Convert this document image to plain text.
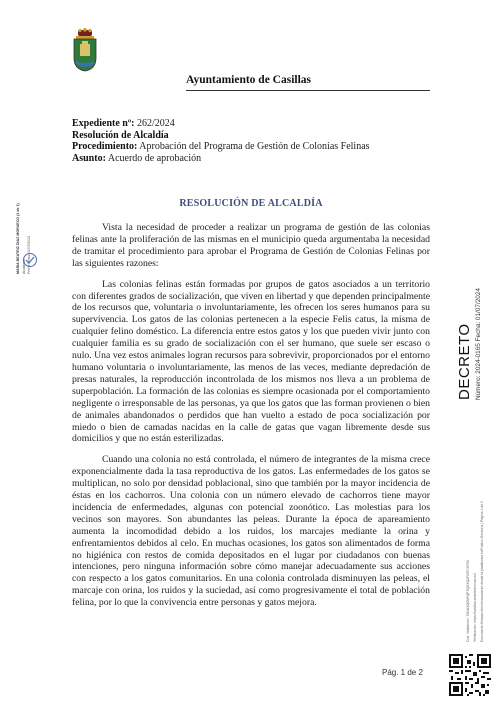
Ayuntamiento de Casillas
MARIA BEATRIZ DIAZ MORUECO (1 de 1) Alcaldesa Fecha Firma: 01/07/2024
Expediente nº: 262/2024
Resolución de Alcaldía
Procedimiento: Aprobación del Programa de Gestión de Colonias Felinas
Asunto: Acuerdo de aprobación
RESOLUCIÓN DE ALCALDÍA

Vista la necesidad de proceder a realizar un programa de gestión de las colonias felinas ante la proliferación de las mismas en el municipio queda argumentaba la necesidad de tramitar el procedimiento para aprobar el Programa de Gestión de Colonias Felinas por las siguientes razones:

Las colonias felinas están formadas por grupos de gatos asociados a un territorio con diferentes grados de socialización, que viven en libertad y que dependen principalmente de los recursos que, voluntaria o involuntariamente, les ofrecen los seres humanos para su supervivencia. Los gatos de las colonias pertenecen a la especie Felis catus, la misma de cualquier felino doméstico. La diferencia entre estos gatos y los que pueden vivir junto con cualquier familia es su grado de socialización con el ser humano, que suele ser escaso o nulo. Una vez estos animales logran recursos para sobrevivir, proporcionados por el entorno humano voluntaria o involuntariamente, las menos de las veces, mediante depredación de presas naturales, la reproducción incontrolada de los mismos nos lleva a un problema de superpoblación. La formación de las colonias es siempre ocasionada por el comportamiento negligente o irresponsable de las personas, ya que los gatos que las forman provienen o bien de animales abandonados o perdidos que han vuelto a estado de poca socialización por miedo o bien de camadas nacidas en la calle de gatas que vagan libremente desde sus domicilios y que no están esterilizadas.

Cuando una colonia no está controlada, el número de integrantes de la misma crece exponencialmente dada la tasa reproductiva de los gatos. Las enfermedades de los gatos se multiplican, no solo por densidad poblacional, sino que también por la mayor incidencia de éstas en los cachorros. Una colonia con un número elevado de cachorros tiene mayor incidencia de enfermedades, algunas con potencial zoonótico. Las molestias para los vecinos son mayores. Son abundantes las peleas. Durante la época de apareamiento aumenta la incomodidad debido a los ruidos, los marcajes mediante la orina y enfrentamientos debidos al celo. En muchas ocasiones, los gatos son alimentados de forma no higiénica con restos de comida depositados en el lugar por ciudadanos con buenas intenciones, pero ninguna información sobre cómo manejar adecuadamente sus acciones con respecto a los gatos comunitarios. En una colonia controlada disminuyen las peleas, el marcaje con orina, los ruidos y la suciedad, así como progresivamente el total de población felina, por lo que la convivencia entre personas y gatos mejora.

Pág. 1 de 2
DECRETO Número: 2024-0165 Fecha: 01/07/2024
Cód. Validación: 7SHAXQ5NFQP7QSXQ2FCRYXP3S Verificación: https://casillas.sedelectronica.es/ Documento firmado electrónicamente desde la plataforma esPublico Gestiona | Página 1 de 2
